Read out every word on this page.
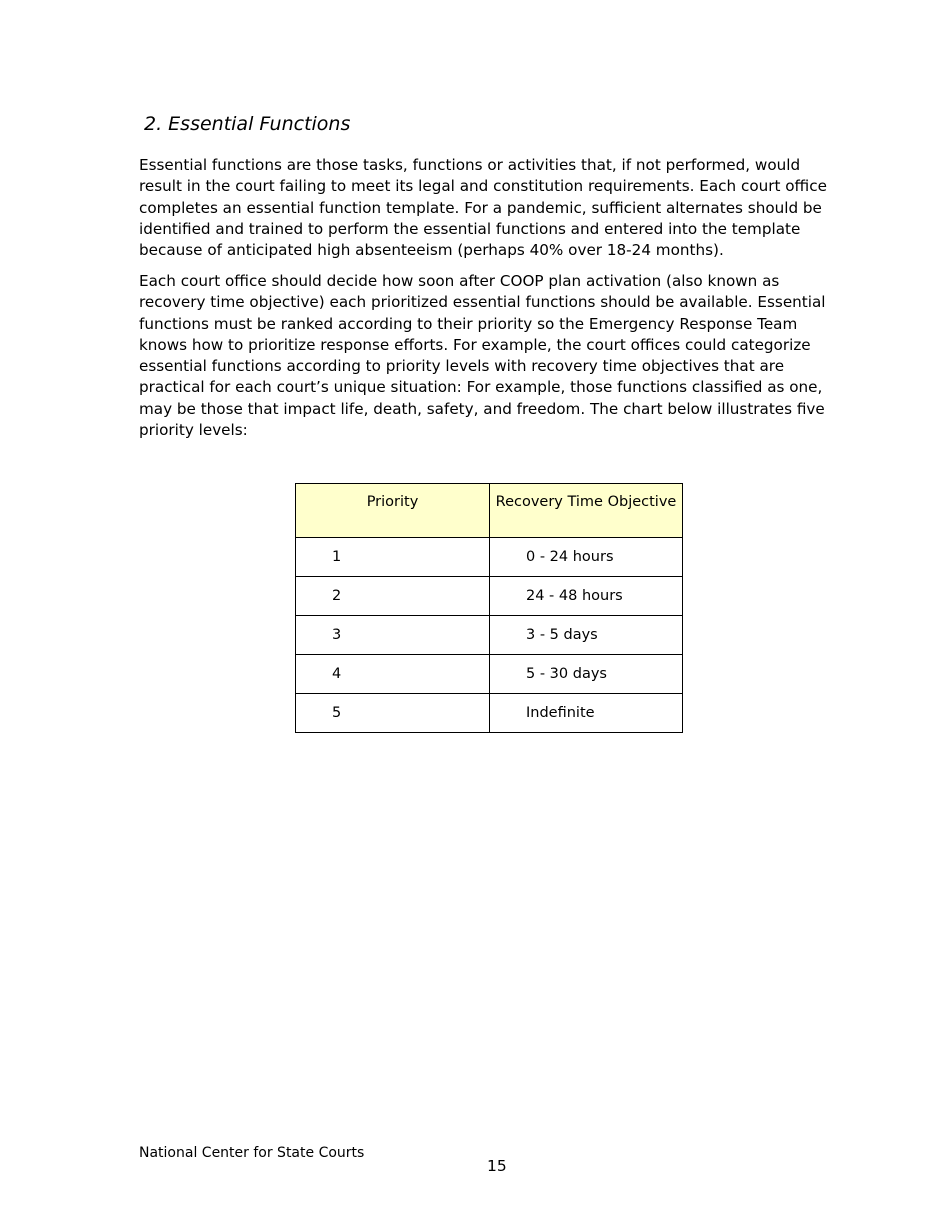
2. Essential Functions

Essential functions are those tasks, functions or activities that, if not performed, would result in the court failing to meet its legal and constitution requirements. Each court office completes an essential function template. For a pandemic, sufficient alternates should be identified and trained to perform the essential functions and entered into the template because of anticipated high absenteeism (perhaps 40% over 18-24 months).

Each court office should decide how soon after COOP plan activation (also known as recovery time objective) each prioritized essential functions should be available. Essential functions must be ranked according to their priority so the Emergency Response Team knows how to prioritize response efforts. For example, the court offices could categorize essential functions according to priority levels with recovery time objectives that are practical for each court’s unique situation: For example, those functions classified as one, may be those that impact life, death, safety, and freedom. The chart below illustrates five priority levels:

Priority	Recovery Time Objective
1	0 - 24 hours
2	24 - 48 hours
3	3 - 5 days
4	5 - 30 days
5	Indefinite
National Center for State Courts
15
